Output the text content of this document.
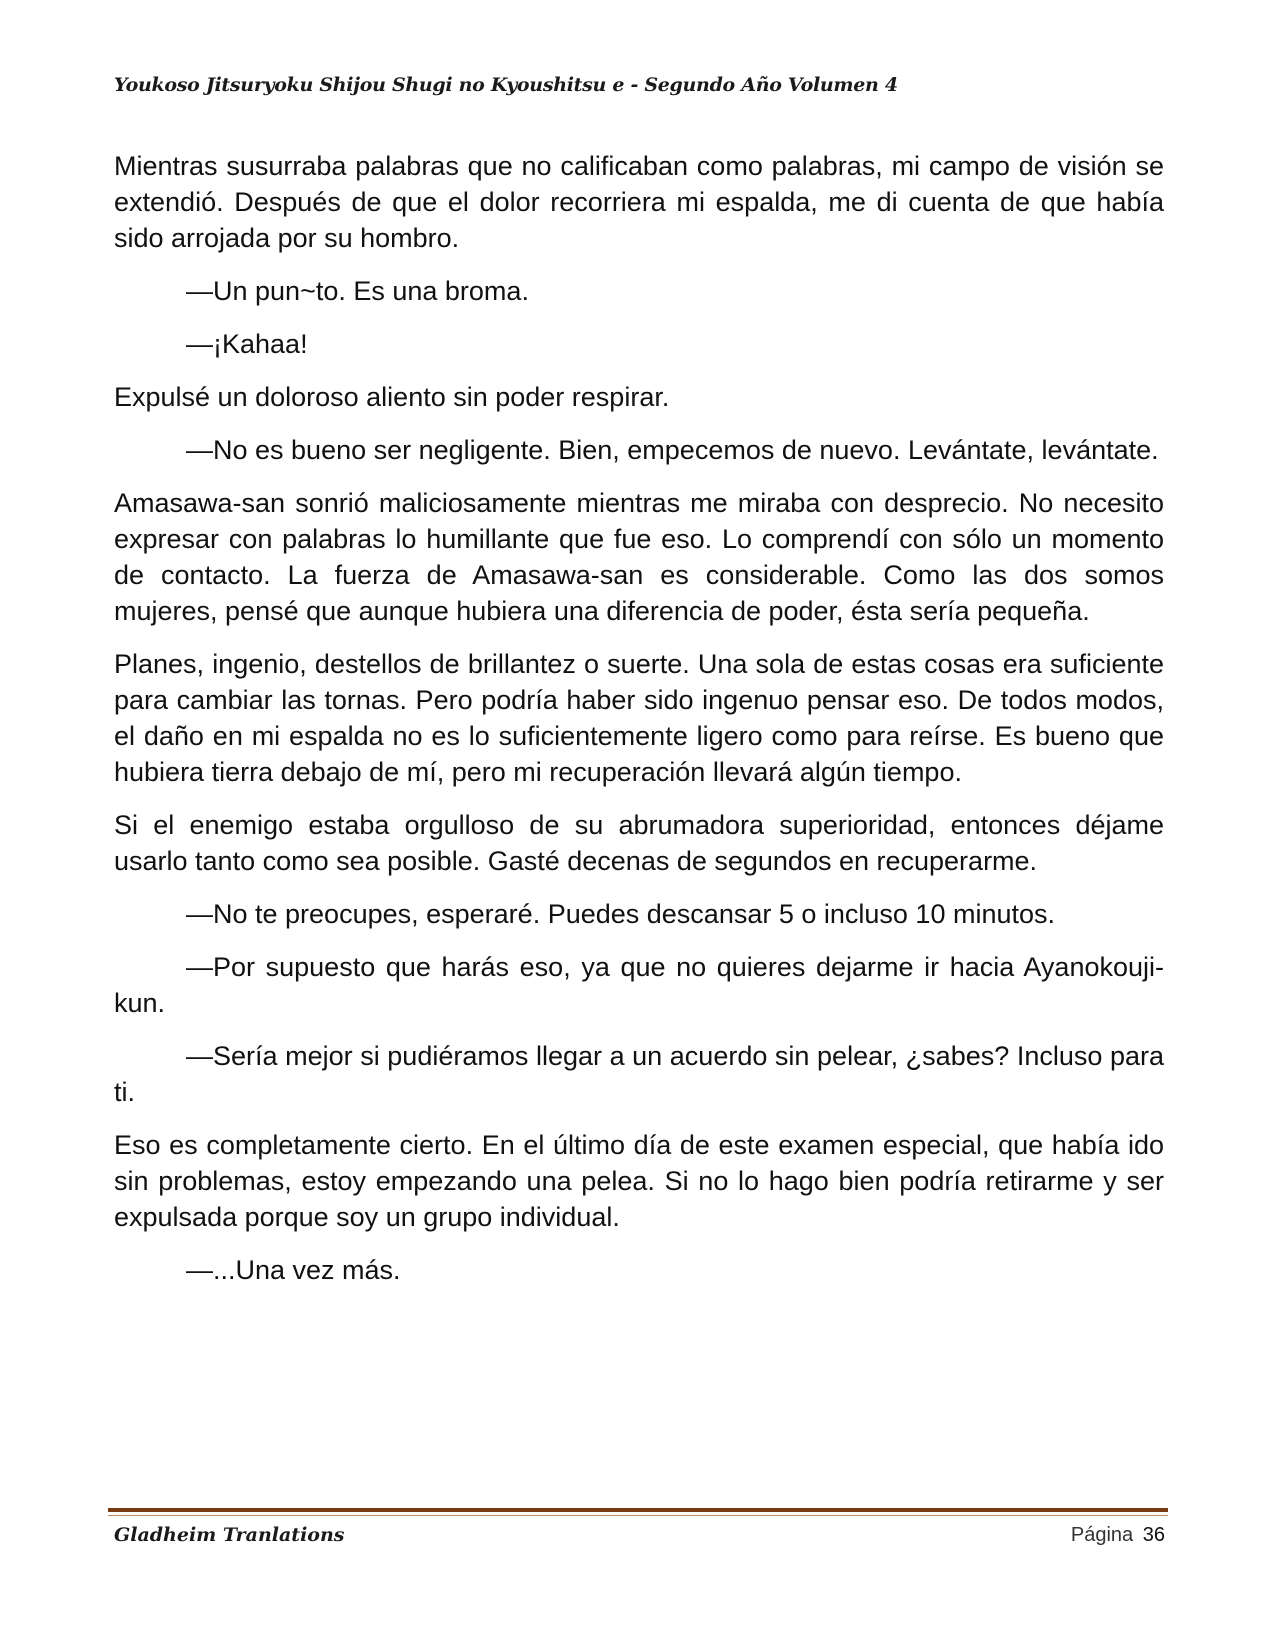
Youkoso Jitsuryoku Shijou Shugi no Kyoushitsu e - Segundo Año Volumen 4

Mientras susurraba palabras que no calificaban como palabras, mi campo de visión se extendió. Después de que el dolor recorriera mi espalda, me di cuenta de que había sido arrojada por su hombro.

—Un pun~to. Es una broma.

—¡Kahaa!

Expulsé un doloroso aliento sin poder respirar.

—No es bueno ser negligente. Bien, empecemos de nuevo. Levántate, levántate.

Amasawa-san sonrió maliciosamente mientras me miraba con desprecio. No necesito expresar con palabras lo humillante que fue eso. Lo comprendí con sólo un momento de contacto. La fuerza de Amasawa-san es considerable. Como las dos somos mujeres, pensé que aunque hubiera una diferencia de poder, ésta sería pequeña.

Planes, ingenio, destellos de brillantez o suerte. Una sola de estas cosas era suficiente para cambiar las tornas. Pero podría haber sido ingenuo pensar eso. De todos modos, el daño en mi espalda no es lo suficientemente ligero como para reírse. Es bueno que hubiera tierra debajo de mí, pero mi recuperación llevará algún tiempo.

Si el enemigo estaba orgulloso de su abrumadora superioridad, entonces déjame usarlo tanto como sea posible. Gasté decenas de segundos en recuperarme.

—No te preocupes, esperaré. Puedes descansar 5 o incluso 10 minutos.

—Por supuesto que harás eso, ya que no quieres dejarme ir hacia Ayanokouji-kun.

—Sería mejor si pudiéramos llegar a un acuerdo sin pelear, ¿sabes? Incluso para ti.

Eso es completamente cierto. En el último día de este examen especial, que había ido sin problemas, estoy empezando una pelea. Si no lo hago bien podría retirarme y ser expulsada porque soy un grupo individual.

—...Una vez más.

Gladheim Tranlations	Página 36
